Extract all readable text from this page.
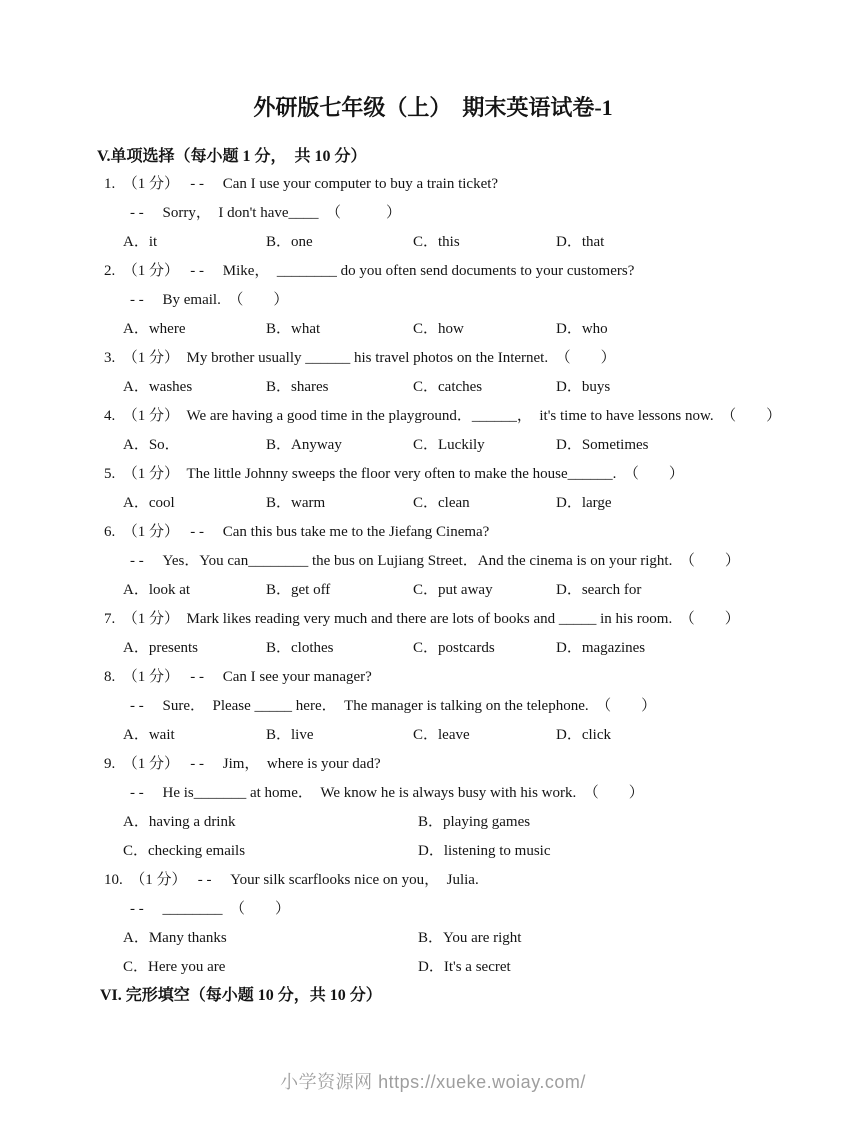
外研版七年级（上）　期末英语试卷-1
V.单项选择（每小题 1 分，　共 10 分）
1.　（1 分）　 - - 　Can I use your computer to buy a train ticket?
- - 　Sorry，　I don't have____　（　　　）
A．it	B．one	C．this	D．that
2.　（1 分）　 - - 　Mike，　________ do you often send documents to your customers?
- - 　By email.　（　　）
A．where	B．what	C．how	D．who
3.　（1 分）　My brother usually ______ his travel photos on the Internet.　（　　）
A．washes	B．shares	C．catches	D．buys
4.　（1 分）　We are having a good time in the playground．______，　it's time to have lessons now.　（　　）
A．So．	B．Anyway	C．Luckily	D．Sometimes
5.　（1 分）　The little Johnny sweeps the floor very often to make the house______.　（　　）
A．cool	B．warm	C．clean	D．large
6.　（1 分）　 - - 　Can this bus take me to the Jiefang Cinema?
- - 　Yes．You can________ the bus on Lujiang Street．And the cinema is on your right.　（　　）
A．look at	B．get off	C．put away	D．search for
7.　（1 分）　Mark likes reading very much and there are lots of books and _____ in his room.　（　　）
A．presents	B．clothes	C．postcards	D．magazines
8.　（1 分）　 - - 　Can I see your manager?
- - 　Sure．　Please _____ here．　The manager is talking on the telephone.　（　　）
A．wait	B．live	C．leave	D．click
9.　（1 分）　 - - 　Jim，　where is your dad?
- - 　He is_______ at home．　We know he is always busy with his work.　（　　）
A．having a drink	B．playing games
C．checking emails	D．listening to music
10.　（1 分）　 - - 　Your silk scarflooks nice on you，　Julia.
- - 　________　（　　）
A．Many thanks	B．You are right
C．Here you are	D．It's a secret
VI. 完形填空（每小题 10 分，共 10 分）
小学资源网 https://xueke.woiay.com/
